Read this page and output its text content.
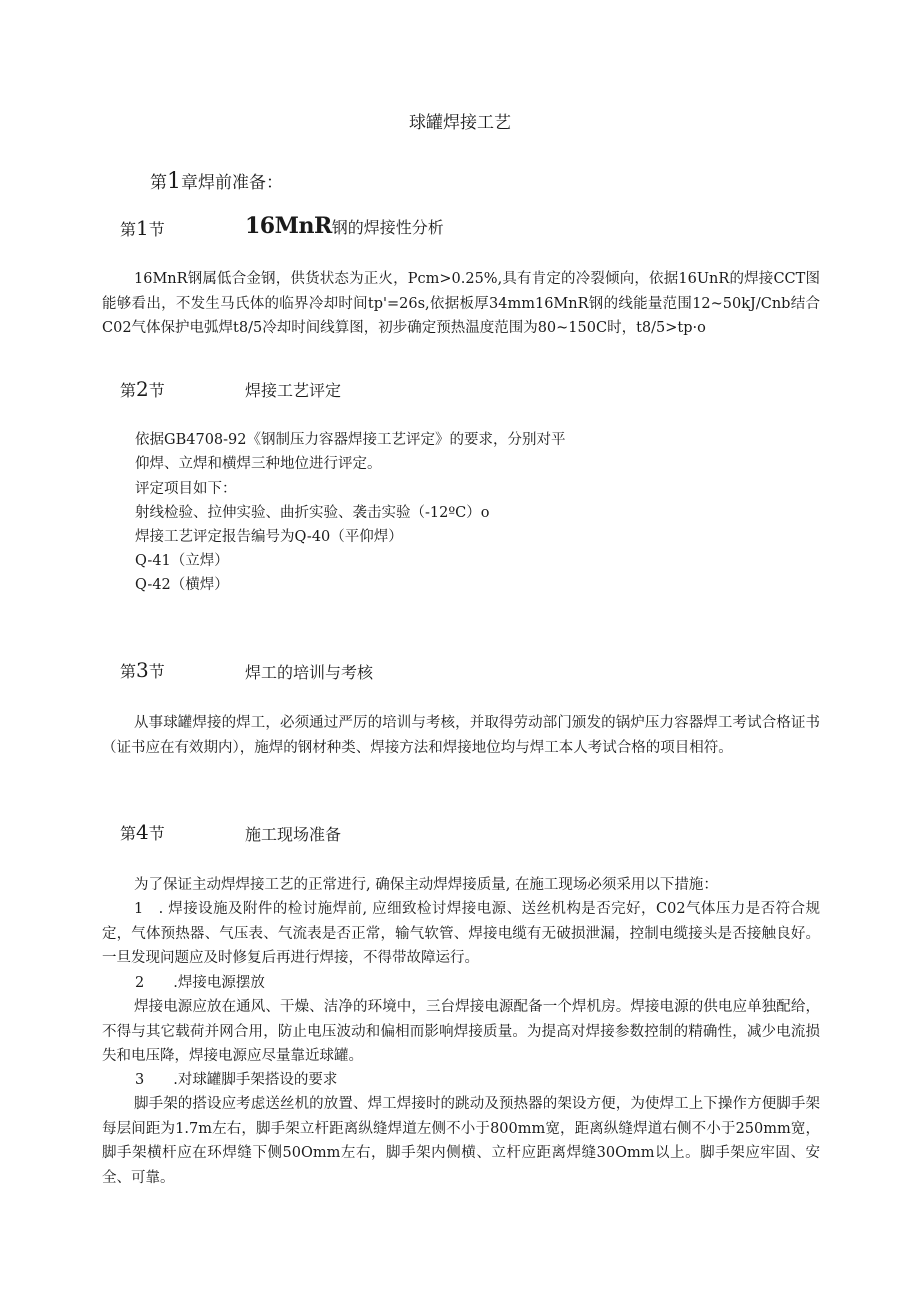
球罐焊接工艺
第1章焊前准备：
第1节	16MnR钢的焊接性分析
16MnR钢属低合金钢，供货状态为正火，Pcm>0.25%,具有肯定的冷裂倾向，依据16UnR的焊接CCT图能够看出，不发生马氏体的临界冷却时间tp'=26s,依据板厚34mm16MnR钢的线能量范围12~50kJ/Cnb结合C02气体保护电弧焊t8/5冷却时间线算图，初步确定预热温度范围为80~150C时，t8/5>tp·o
第2节	焊接工艺评定
依据GB4708-92《钢制压力容器焊接工艺评定》的要求，分别对平
仰焊、立焊和横焊三种地位进行评定。
评定项目如下：
射线检验、拉伸实验、曲折实验、袭击实验（-12ºC）o
焊接工艺评定报告编号为Q-40（平仰焊）
Q-41（立焊）
Q-42（横焊）
第3节	焊工的培训与考核
从事球罐焊接的焊工，必须通过严厉的培训与考核，并取得劳动部门颁发的锅炉压力容器焊工考试合格证书（证书应在有效期内），施焊的钢材种类、焊接方法和焊接地位均与焊工本人考试合格的项目相符。
第4节	施工现场准备
为了保证主动焊焊接工艺的正常进行, 确保主动焊焊接质量, 在施工现场必须采用以下措施：
1　. 焊接设施及附件的检讨施焊前, 应细致检讨焊接电源、送丝机构是否完好，C02气体压力是否符合规定，气体预热器、气压表、气流表是否正常，输气软管、焊接电缆有无破损泄漏，控制电缆接头是否接触良好。一旦发现问题应及时修复后再进行焊接，不得带故障运行。
2　　.焊接电源摆放
焊接电源应放在通风、干燥、洁净的环境中，三台焊接电源配备一个焊机房。焊接电源的供电应单独配给，不得与其它载荷并网合用，防止电压波动和偏相而影响焊接质量。为提高对焊接参数控制的精确性，减少电流损失和电压降，焊接电源应尽量靠近球罐。
3　　.对球罐脚手架搭设的要求
脚手架的搭设应考虑送丝机的放置、焊工焊接时的跳动及预热器的架设方便，为使焊工上下操作方便脚手架每层间距为1.7m左右，脚手架立杆距离纵缝焊道左侧不小于800mm宽，距离纵缝焊道右侧不小于250mm宽，脚手架横杆应在环焊缝下侧50Omm左右，脚手架内侧横、立杆应距离焊缝30Omm以上。脚手架应牢固、安全、可靠。
